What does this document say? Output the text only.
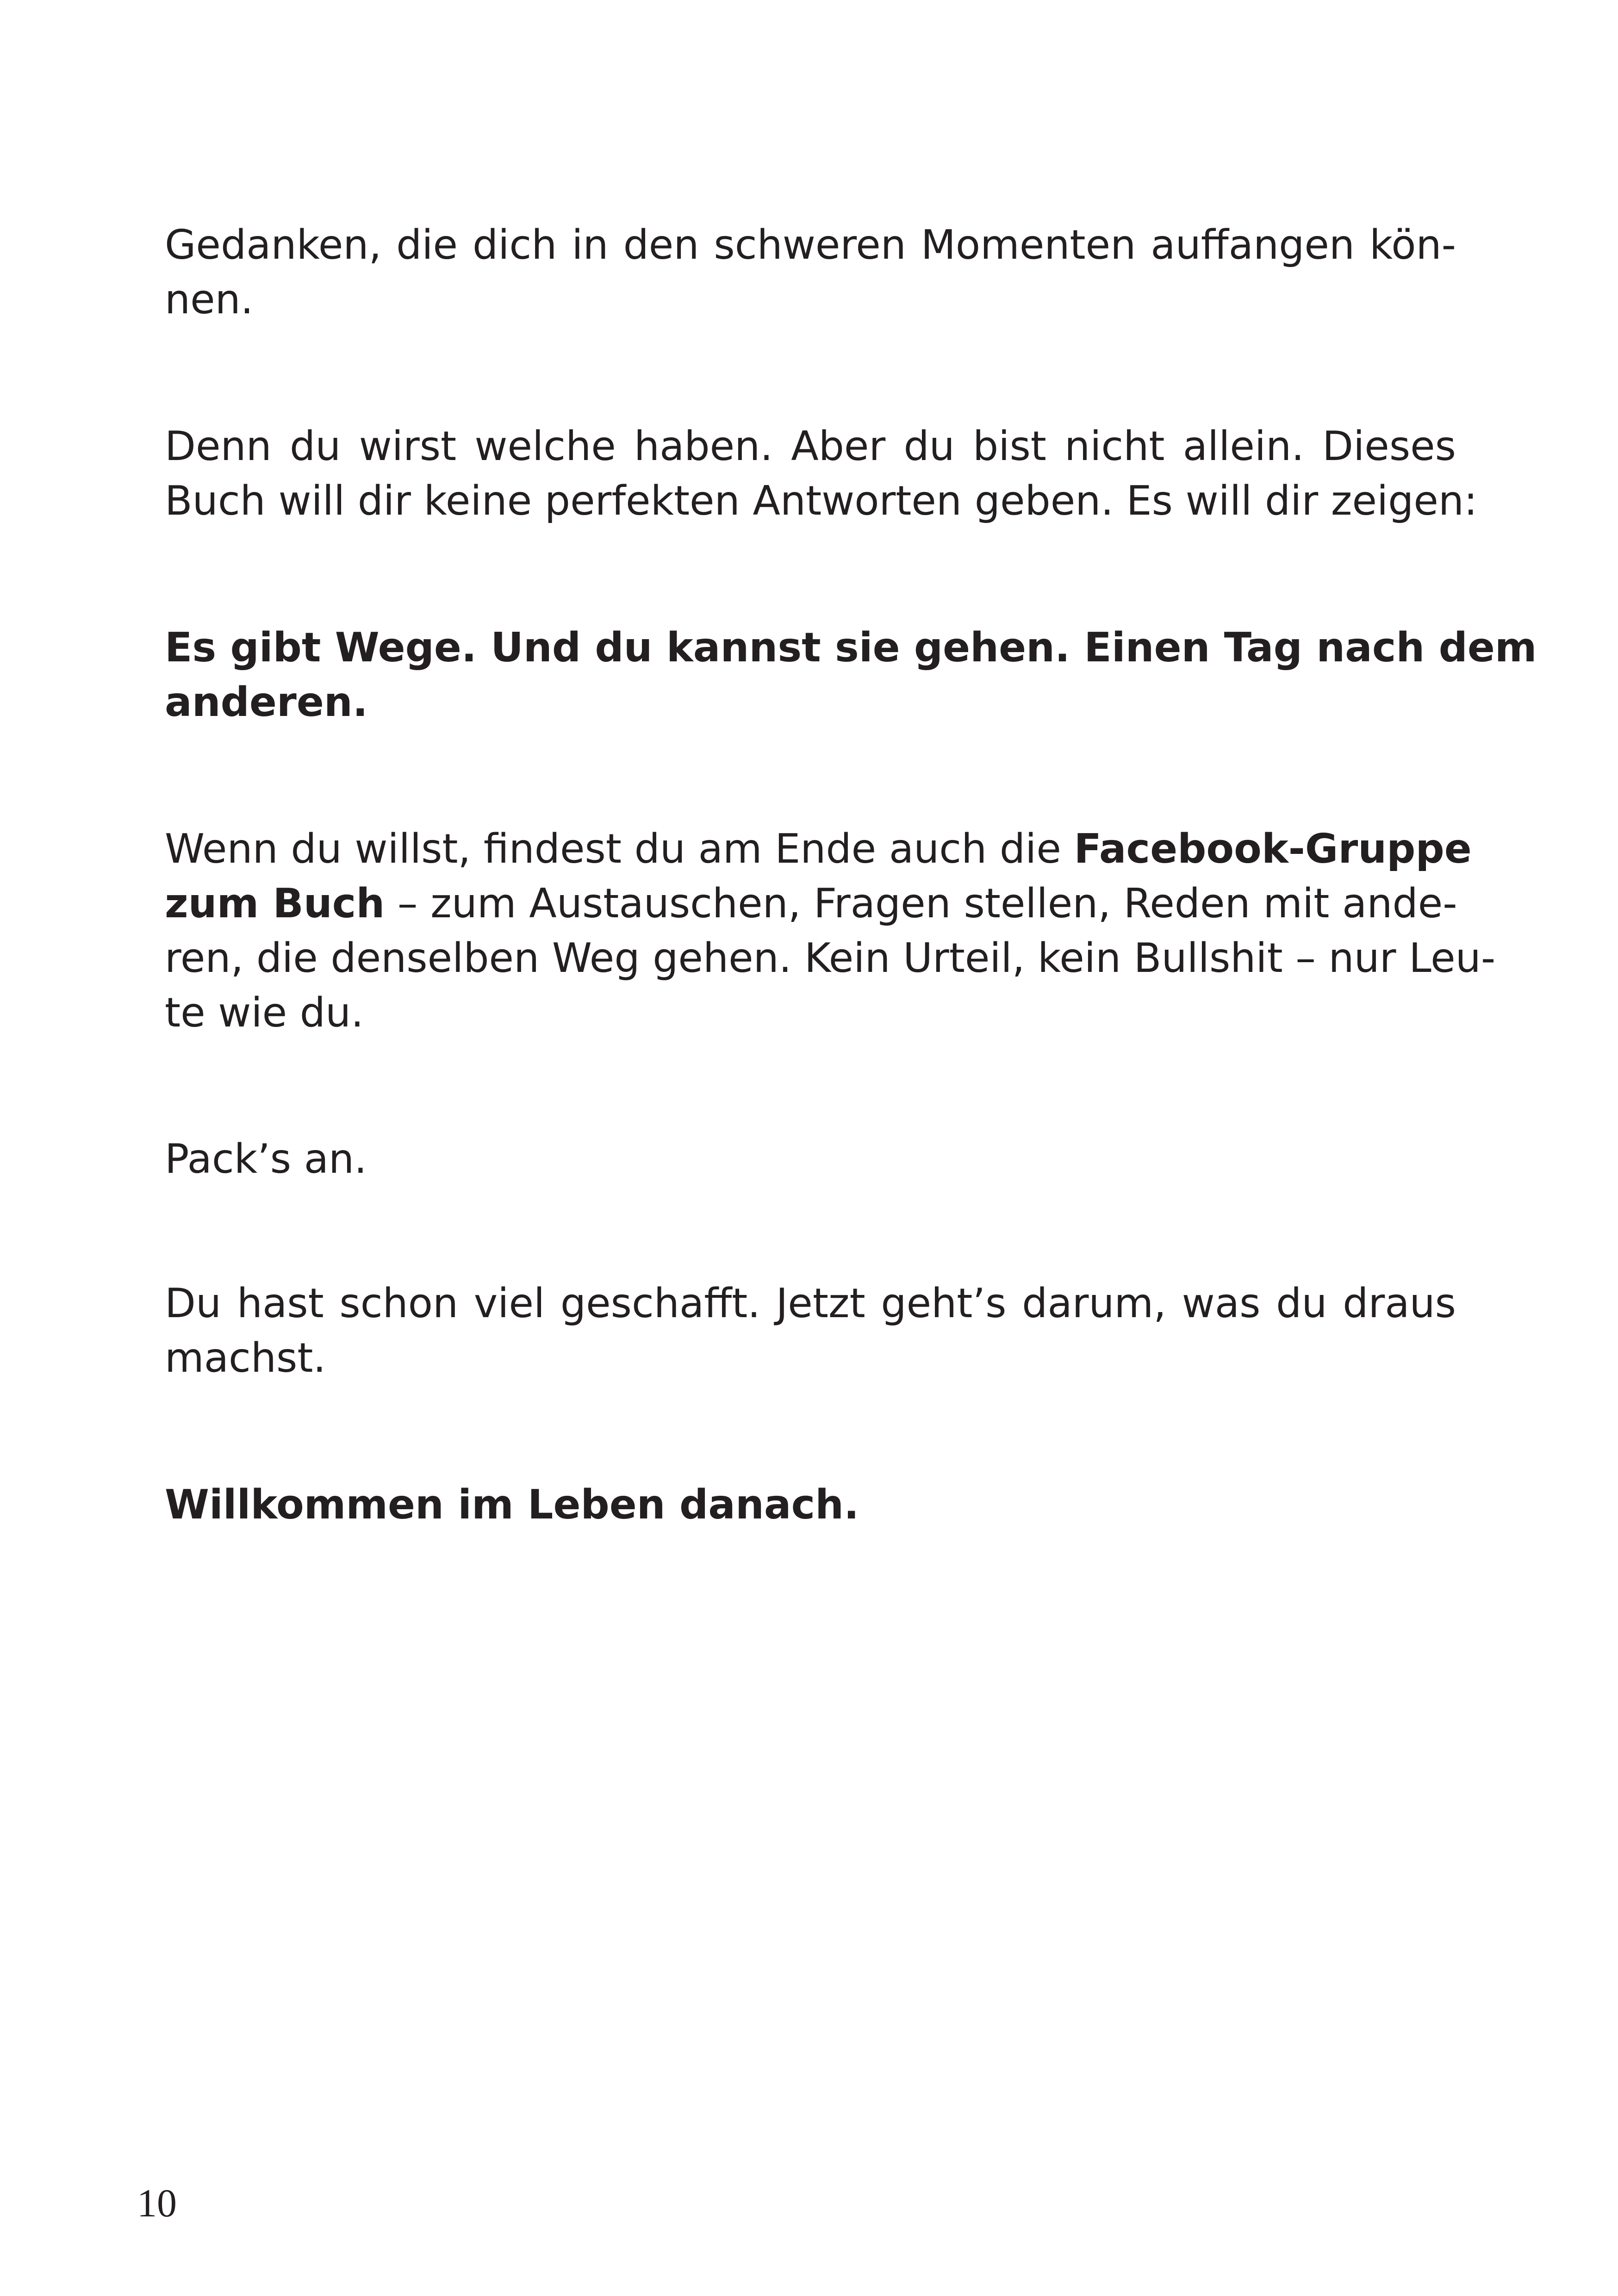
Gedanken, die dich in den schweren Momenten auffangen kön-
nen.

Denn du wirst welche haben. Aber du bist nicht allein. Dieses
Buch will dir keine perfekten Antworten geben. Es will dir zeigen:

Es gibt Wege. Und du kannst sie gehen. Einen Tag nach dem
anderen.

Wenn du willst, findest du am Ende auch die Facebook-Gruppe
zum Buch – zum Austauschen, Fragen stellen, Reden mit ande-
ren, die denselben Weg gehen. Kein Urteil, kein Bullshit – nur Leu-
te wie du.

Pack’s an.

Du hast schon viel geschafft. Jetzt geht’s darum, was du draus
machst.

Willkommen im Leben danach.

10
